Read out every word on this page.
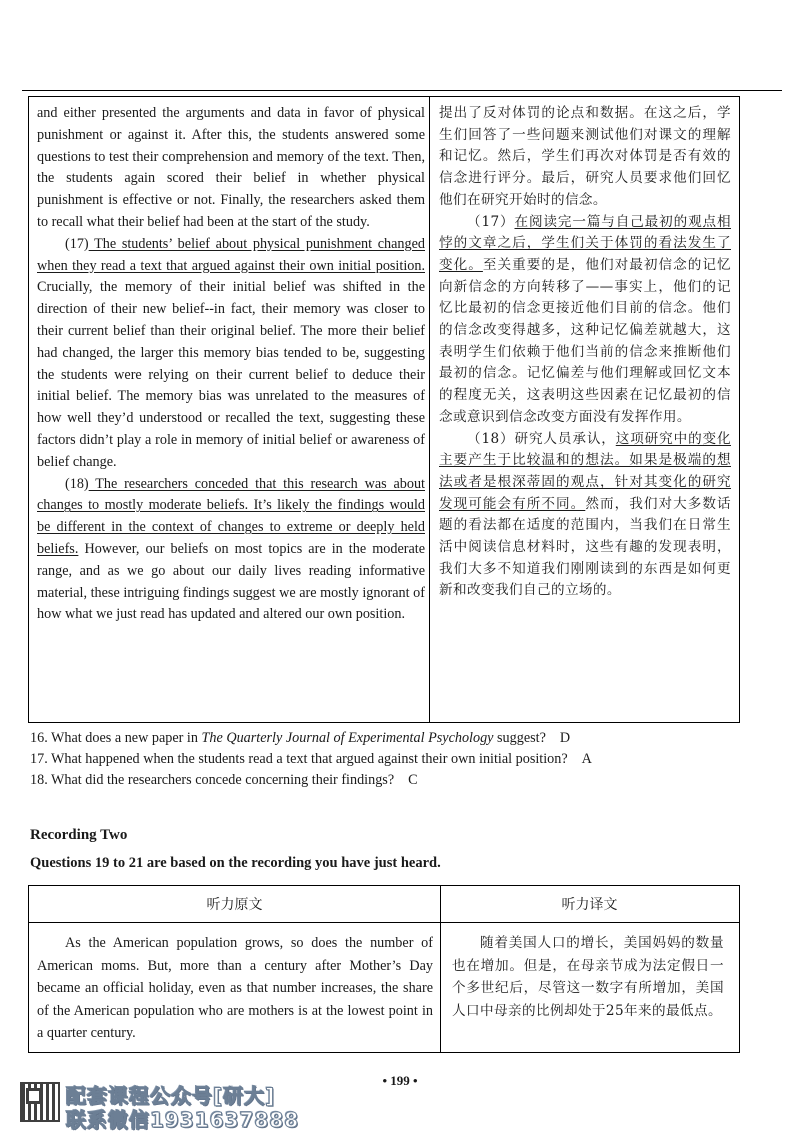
and either presented the arguments and data in favor of physical punishment or against it. After this, the students answered some questions to test their comprehension and memory of the text. Then, the students again scored their belief in whether physical punishment is effective or not. Finally, the researchers asked them to recall what their belief had been at the start of the study.

(17) The students’ belief about physical punishment changed when they read a text that argued against their own initial position. Crucially, the memory of their initial belief was shifted in the direction of their new belief--in fact, their memory was closer to their current belief than their original belief. The more their belief had changed, the larger this memory bias tended to be, suggesting the students were relying on their current belief to deduce their initial belief. The memory bias was unrelated to the measures of how well they’d understood or recalled the text, suggesting these factors didn’t play a role in memory of initial belief or awareness of belief change.

(18) The researchers conceded that this research was about changes to mostly moderate beliefs. It’s likely the findings would be different in the context of changes to extreme or deeply held beliefs. However, our beliefs on most topics are in the moderate range, and as we go about our daily lives reading informative material, these intriguing findings suggest we are mostly ignorant of how what we just read has updated and altered our own position.

提出了反对体罚的论点和数据。在这之后，学生们回答了一些问题来测试他们对课文的理解和记忆。然后，学生们再次对体罚是否有效的信念进行评分。最后，研究人员要求他们回忆他们在研究开始时的信念。

（17）在阅读完一篇与自己最初的观点相悖的文章之后，学生们关于体罚的看法发生了变化。至关重要的是，他们对最初信念的记忆向新信念的方向转移了——事实上，他们的记忆比最初的信念更接近他们目前的信念。他们的信念改变得越多，这种记忆偏差就越大，这表明学生们依赖于他们当前的信念来推断他们最初的信念。记忆偏差与他们理解或回忆文本的程度无关，这表明这些因素在记忆最初的信念或意识到信念改变方面没有发挥作用。

（18）研究人员承认，这项研究中的变化主要产生于比较温和的想法。如果是极端的想法或者是根深蒂固的观点，针对其变化的研究发现可能会有所不同。然而，我们对大多数话题的看法都在适度的范围内，当我们在日常生活中阅读信息材料时，这些有趣的发现表明，我们大多不知道我们刚刚读到的东西是如何更新和改变我们自己的立场的。

16. What does a new paper in The Quarterly Journal of Experimental Psychology suggest? D
17. What happened when the students read a text that argued against their own initial position? A
18. What did the researchers concede concerning their findings? C
Recording Two
Questions 19 to 21 are based on the recording you have just heard.
听力原文	听力译文
As the American population grows, so does the number of American moms. But, more than a century after Mother’s Day became an official holiday, even as that number increases, the share of the American population who are mothers is at the lowest point in a quarter century.
随着美国人口的增长，美国妈妈的数量也在增加。但是，在母亲节成为法定假日一个多世纪后，尽管这一数字有所增加，美国人口中母亲的比例却处于25年来的最低点。
• 199 •
配套课程公众号[研大]
联系微信1931637888
